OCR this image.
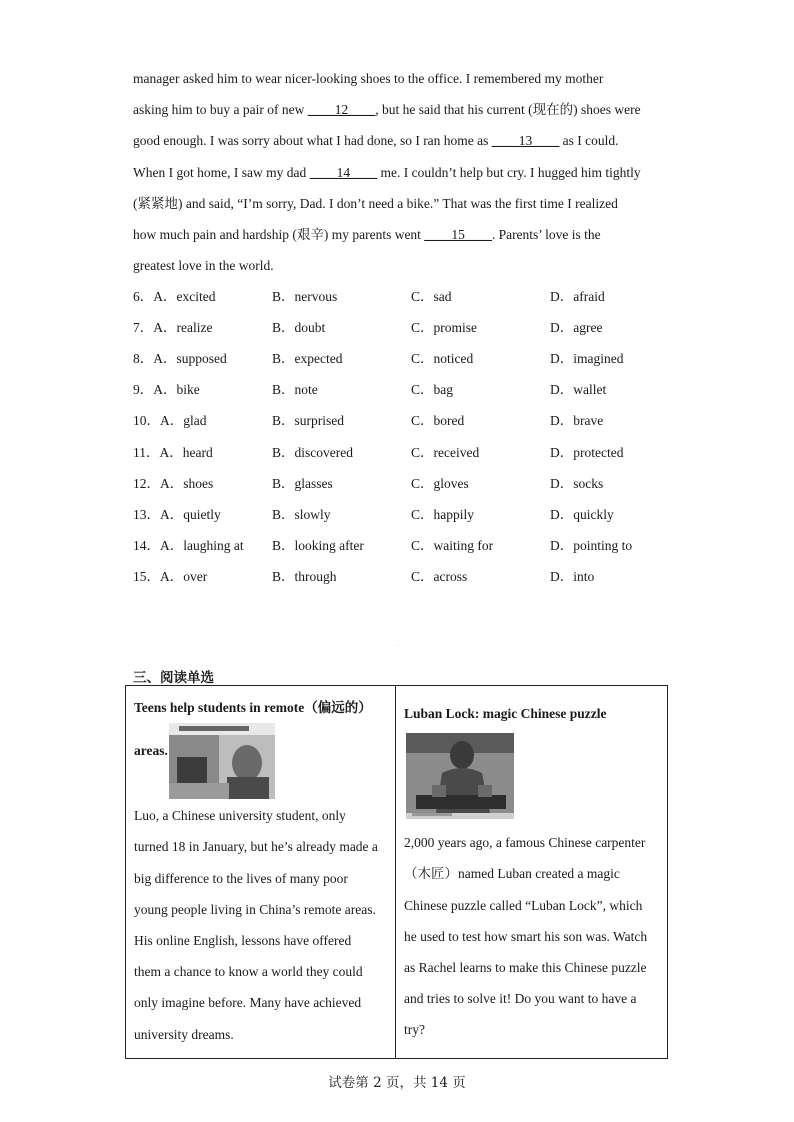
manager asked him to wear nicer-looking shoes to the office. I remembered my mother

asking him to buy a pair of new ____12____, but he said that his current (现在的) shoes were

good enough. I was sorry about what I had done, so I ran home as ____13____ as I could.

When I got home, I saw my dad ____14____ me. I couldn’t help but cry. I hugged him tightly

(紧紧地) and said, “I’m sorry, Dad. I don’t need a bike.” That was the first time I realized

how much pain and hardship (艰辛) my parents went ____15____. Parents’ love is the

greatest love in the world.

6．A．excited	B．nervous	C．sad	D．afraid
7．A．realize	B．doubt	C．promise	D．agree
8．A．supposed	B．expected	C．noticed	D．imagined
9．A．bike	B．note	C．bag	D．wallet
10．A．glad	B．surprised	C．bored	D．brave
11．A．heard	B．discovered	C．received	D．protected
12．A．shoes	B．glasses	C．gloves	D．socks
13．A．quietly	B．slowly	C．happily	D．quickly
14．A．laughing at	B．looking after	C．waiting for	D．pointing to
15．A．over	B．through	C．across	D．into
·
三、阅读单选
Teens help students in remote（偏远的）
areas.
Luo, a Chinese university student, only
turned 18 in January, but he’s already made a
big difference to the lives of many poor
young people living in China’s remote areas.
His online English, lessons have offered
them a chance to know a world they could
only imagine before. Many have achieved
university dreams.
Luban Lock: magic Chinese puzzle
2,000 years ago, a famous Chinese carpenter
（木匠）named Luban created a magic
Chinese puzzle called “Luban Lock”, which
he used to test how smart his son was. Watch
as Rachel learns to make this Chinese puzzle
and tries to solve it! Do you want to have a
try?
试卷第 2 页，共 14 页
